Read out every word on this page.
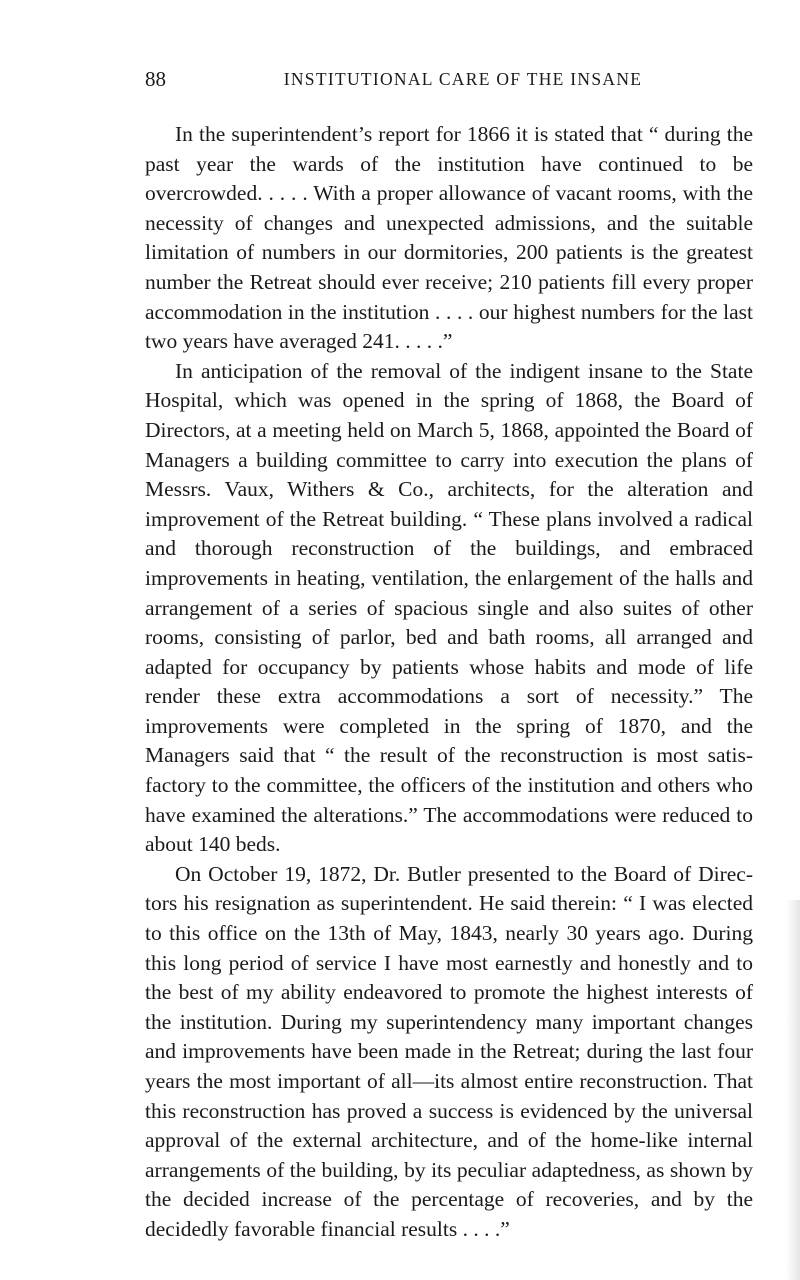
88	INSTITUTIONAL CARE OF THE INSANE

In the superintendent’s report for 1866 it is stated that “ during the past year the wards of the institution have continued to be overcrowded. . . . . With a proper allowance of vacant rooms, with the necessity of changes and unexpected admissions, and the suitable limitation of numbers in our dormitories, 200 patients is the greatest number the Retreat should ever receive; 210 patients fill every proper accommodation in the institution . . . . our highest numbers for the last two years have averaged 241. . . . .”

In anticipation of the removal of the indigent insane to the State Hospital, which was opened in the spring of 1868, the Board of Directors, at a meeting held on March 5, 1868, appointed the Board of Managers a building committee to carry into execution the plans of Messrs. Vaux, Withers & Co., architects, for the alteration and improvement of the Retreat building. “ These plans involved a radical and thorough reconstruction of the buildings, and embraced improvements in heating, ventilation, the enlargement of the halls and arrangement of a series of spacious single and also suites of other rooms, consisting of parlor, bed and bath rooms, all arranged and adapted for occupancy by patients whose habits and mode of life render these extra accommodations a sort of necessity.” The improvements were completed in the spring of 1870, and the Managers said that “ the result of the reconstruction is most satisfactory to the committee, the officers of the institution and others who have examined the alterations.” The accommodations were reduced to about 140 beds.

On October 19, 1872, Dr. Butler presented to the Board of Directors his resignation as superintendent. He said therein: “ I was elected to this office on the 13th of May, 1843, nearly 30 years ago. During this long period of service I have most earnestly and honestly and to the best of my ability endeavored to promote the highest interests of the institution. During my superintendency many important changes and improvements have been made in the Retreat; during the last four years the most important of all—its almost entire reconstruction. That this reconstruction has proved a success is evidenced by the universal approval of the external architecture, and of the home-like internal arrangements of the building, by its peculiar adaptedness, as shown by the decided increase of the percentage of recoveries, and by the decidedly favorable financial results . . . .”
